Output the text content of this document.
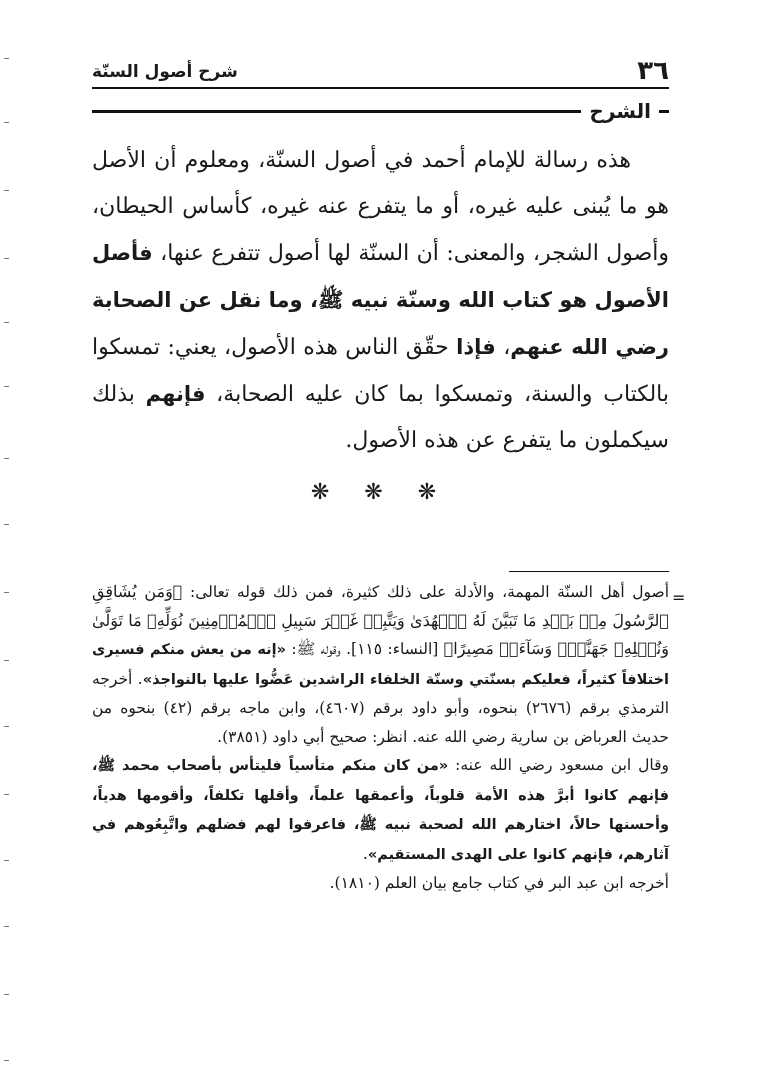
٣٦
شرح أصول السنّة
الشرح

هذه رسالة للإمام أحمد في أصول السنّة، ومعلوم أن الأصل هو ما يُبنى عليه غيره، أو ما يتفرع عنه غيره، كأساس الحيطان، وأصول الشجر، والمعنى: أن السنّة لها أصول تتفرع عنها، فأصل الأصول هو كتاب الله وسنّة نبيه ﷺ، وما نقل عن الصحابة رضي الله عنهم، فإذا حقّق الناس هذه الأصول، يعني: تمسكوا بالكتاب والسنة، وتمسكوا بما كان عليه الصحابة، فإنهم بذلك سيكملون ما يتفرع عن هذه الأصول.

❋ ❋ ❋
=

أصول أهل السنّة المهمة، والأدلة على ذلك كثيرة، فمن ذلك قوله تعالى: ﴿وَمَن يُشَاقِقِ ٱلرَّسُولَ مِنۢ بَعۡدِ مَا تَبَيَّنَ لَهُ ٱلۡهُدَىٰ وَيَتَّبِعۡ غَيۡرَ سَبِيلِ ٱلۡمُؤۡمِنِينَ نُوَلِّهِۦ مَا تَوَلَّىٰ وَنُصۡلِهِۦ جَهَنَّمَۖ وَسَآءَتۡ مَصِيرًا﴾ [النساء: ١١٥]. وقوله ﷺ: «إنه من يعش منكم فسيرى اختلافاً كثيراً، فعليكم بسنّتي وسنّة الخلفاء الراشدين عَضُّوا عليها بالنواجذ». أخرجه الترمذي برقم (٢٦٧٦) بنحوه، وأبو داود برقم (٤٦٠٧)، وابن ماجه برقم (٤٢) بنحوه من حديث العرباض بن سارية رضي الله عنه. انظر: صحيح أبي داود (٣٨٥١).

وقال ابن مسعود رضي الله عنه: «من كان منكم متأسياً فليتأس بأصحاب محمد ﷺ، فإنهم كانوا أبرَّ هذه الأمة قلوباً، وأعمقها علماً، وأقلها تكلفاً، وأقومها هدياً، وأحسنها حالاً، اختارهم الله لصحبة نبيه ﷺ، فاعرفوا لهم فضلهم واتَّبِعُوهم في آثارهم، فإنهم كانوا على الهدى المستقيم».

أخرجه ابن عبد البر في كتاب جامع بيان العلم (١٨١٠).
